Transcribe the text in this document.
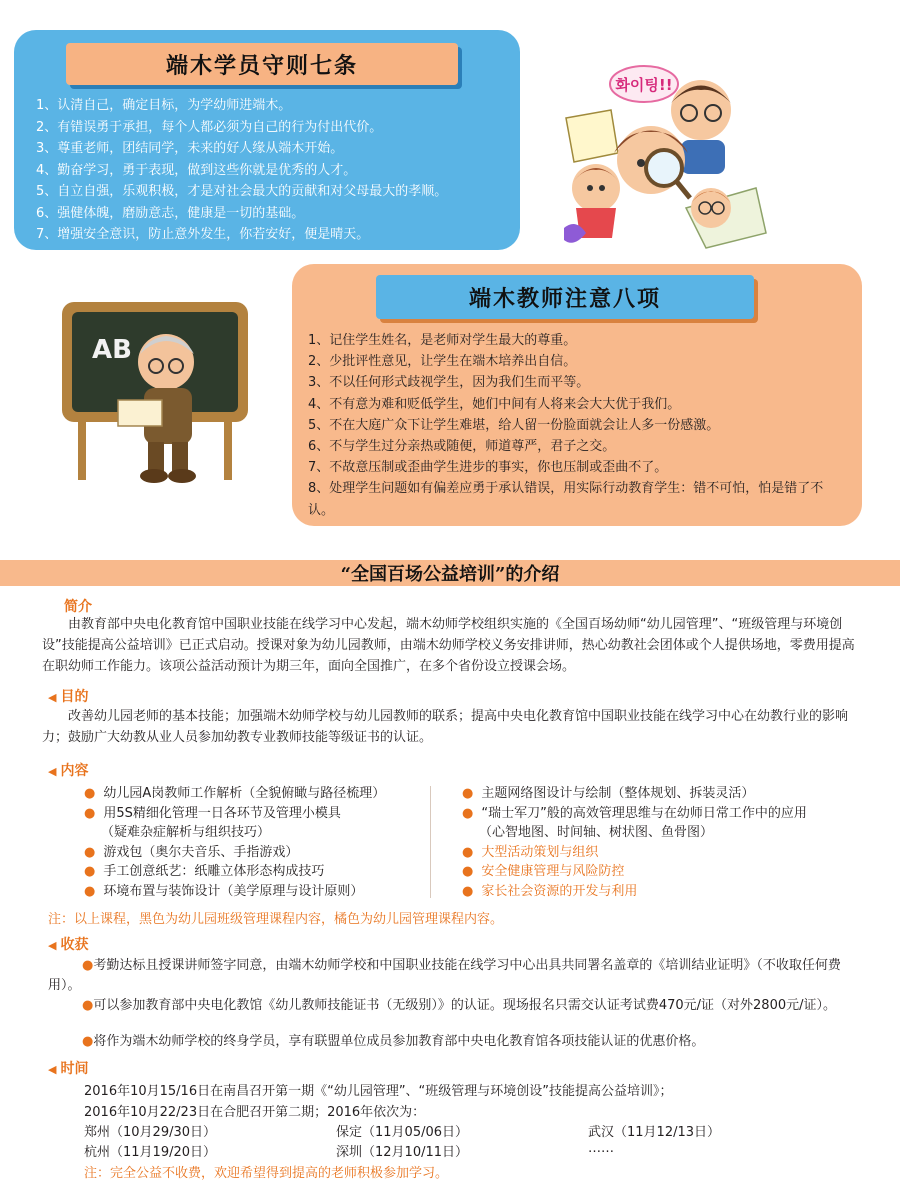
端木学员守则七条
1、认清自己，确定目标，为学幼师进端木。
2、有错误勇于承担，每个人都必须为自己的行为付出代价。
3、尊重老师，团结同学，未来的好人缘从端木开始。
4、勤奋学习，勇于表现，做到这些你就是优秀的人才。
5、自立自强，乐观积极，才是对社会最大的贡献和对父母最大的孝顺。
6、强健体魄，磨励意志，健康是一切的基础。
7、增强安全意识，防止意外发生，你若安好，便是晴天。
화이팅!!
AB
端木教师注意八项
1、记住学生姓名，是老师对学生最大的尊重。
2、少批评性意见，让学生在端木培养出自信。
3、不以任何形式歧视学生，因为我们生而平等。
4、不有意为难和贬低学生，她们中间有人将来会大大优于我们。
5、不在大庭广众下让学生难堪，给人留一份脸面就会让人多一份感激。
6、不与学生过分亲热或随便，师道尊严，君子之交。
7、不故意压制或歪曲学生进步的事实，你也压制或歪曲不了。
8、处理学生问题如有偏差应勇于承认错误，用实际行动教育学生：错不可怕，怕是错了不认。
“全国百场公益培训”的介绍
简介

由教育部中央电化教育馆中国职业技能在线学习中心发起，端木幼师学校组织实施的《全国百场幼师“幼儿园管理”、“班级管理与环境创设”技能提高公益培训》已正式启动。授课对象为幼儿园教师，由端木幼师学校义务安排讲师，热心幼教社会团体或个人提供场地，零费用提高在职幼师工作能力。该项公益活动预计为期三年，面向全国推广，在多个省份设立授课会场。

◀ 目的

改善幼儿园老师的基本技能；加强端木幼师学校与幼儿园教师的联系；提高中央电化教育馆中国职业技能在线学习中心在幼教行业的影响力；鼓励广大幼教从业人员参加幼教专业教师技能等级证书的认证。

◀ 内容
● 幼儿园A岗教师工作解析（全貌俯瞰与路径梳理）
● 用5S精细化管理一日各环节及管理小模具
（疑难杂症解析与组织技巧）
● 游戏包（奥尔夫音乐、手指游戏）
● 手工创意纸艺：纸雕立体形态构成技巧
● 环境布置与装饰设计（美学原理与设计原则）
● 主题网络图设计与绘制（整体规划、拆装灵活）
● “瑞士军刀”般的高效管理思维与在幼师日常工作中的应用
（心智地图、时间轴、树状图、鱼骨图）
● 大型活动策划与组织
● 安全健康管理与风险防控
● 家长社会资源的开发与利用
注：以上课程，黑色为幼儿园班级管理课程内容，橘色为幼儿园管理课程内容。
◀ 收获

●考勤达标且授课讲师签字同意，由端木幼师学校和中国职业技能在线学习中心出具共同署名盖章的《培训结业证明》（不收取任何费用）。

●可以参加教育部中央电化教馆《幼儿教师技能证书（无级别）》的认证。现场报名只需交认证考试费470元/证（对外2800元/证）。

●将作为端木幼师学校的终身学员，享有联盟单位成员参加教育部中央电化教育馆各项技能认证的优惠价格。

◀ 时间
2016年10月15/16日在南昌召开第一期《“幼儿园管理”、“班级管理与环境创设”技能提高公益培训》；
2016年10月22/23日在合肥召开第二期；2016年依次为：
郑州（10月29/30日）	保定（11月05/06日）	武汉（11月12/13日）
杭州（11月19/20日）	深圳（12月10/11日）	……
注：完全公益不收费，欢迎希望得到提高的老师积极参加学习。
